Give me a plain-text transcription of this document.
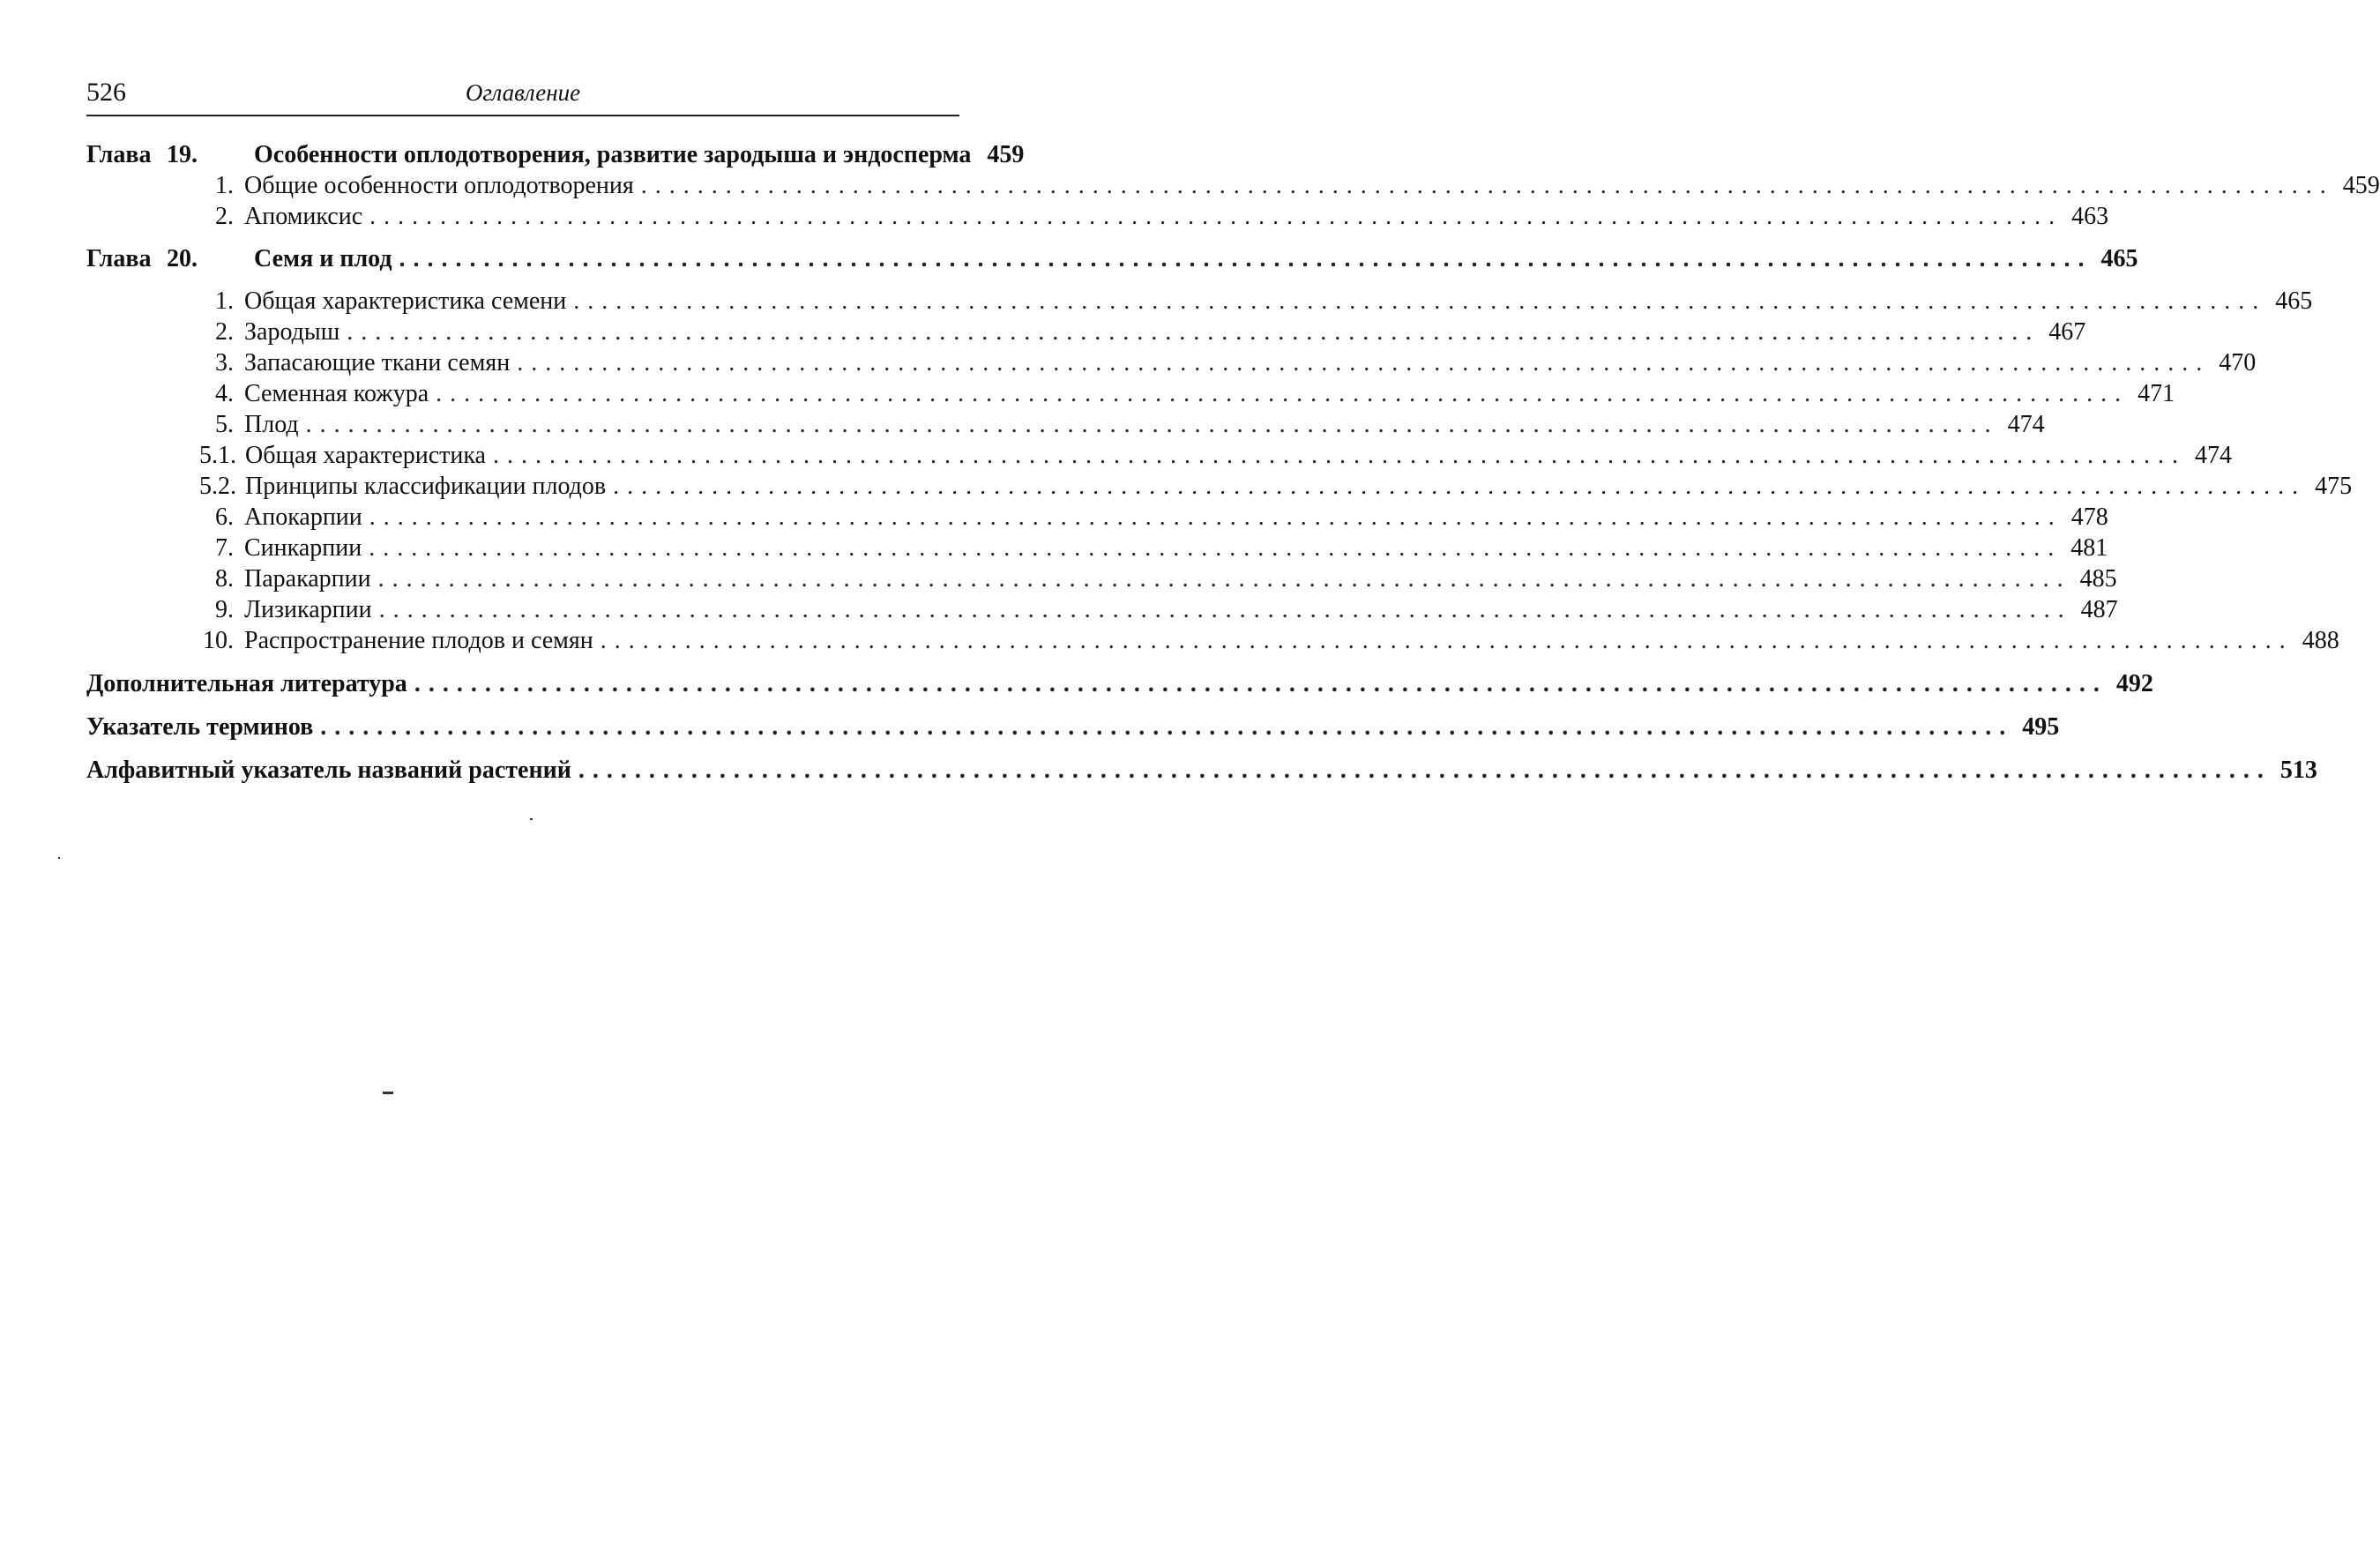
526	Оглавление
Глава 19.	Особенности оплодотворения, развитие зародыша и эндосперма 459
1. Общие особенности оплодотворения ........................................................................................................................ 459
2. Апомиксис ........................................................................................................................ 463
Глава 20.	Семя и плод ........................................................................................................................ 465
1. Общая характеристика семени ........................................................................................................................ 465
2. Зародыш ........................................................................................................................ 467
3. Запасающие ткани семян ........................................................................................................................ 470
4. Семенная кожура ........................................................................................................................ 471
5. Плод ........................................................................................................................ 474
5.1. Общая характеристика ........................................................................................................................ 474
5.2. Принципы классификации плодов ........................................................................................................................ 475
6. Апокарпии ........................................................................................................................ 478
7. Синкарпии ........................................................................................................................ 481
8. Паракарпии ........................................................................................................................ 485
9. Лизикарпии ........................................................................................................................ 487
10. Распространение плодов и семян ........................................................................................................................ 488
Дополнительная литература ........................................................................................................................ 492
Указатель терминов ........................................................................................................................ 495
Алфавитный указатель названий растений ........................................................................................................................ 513
